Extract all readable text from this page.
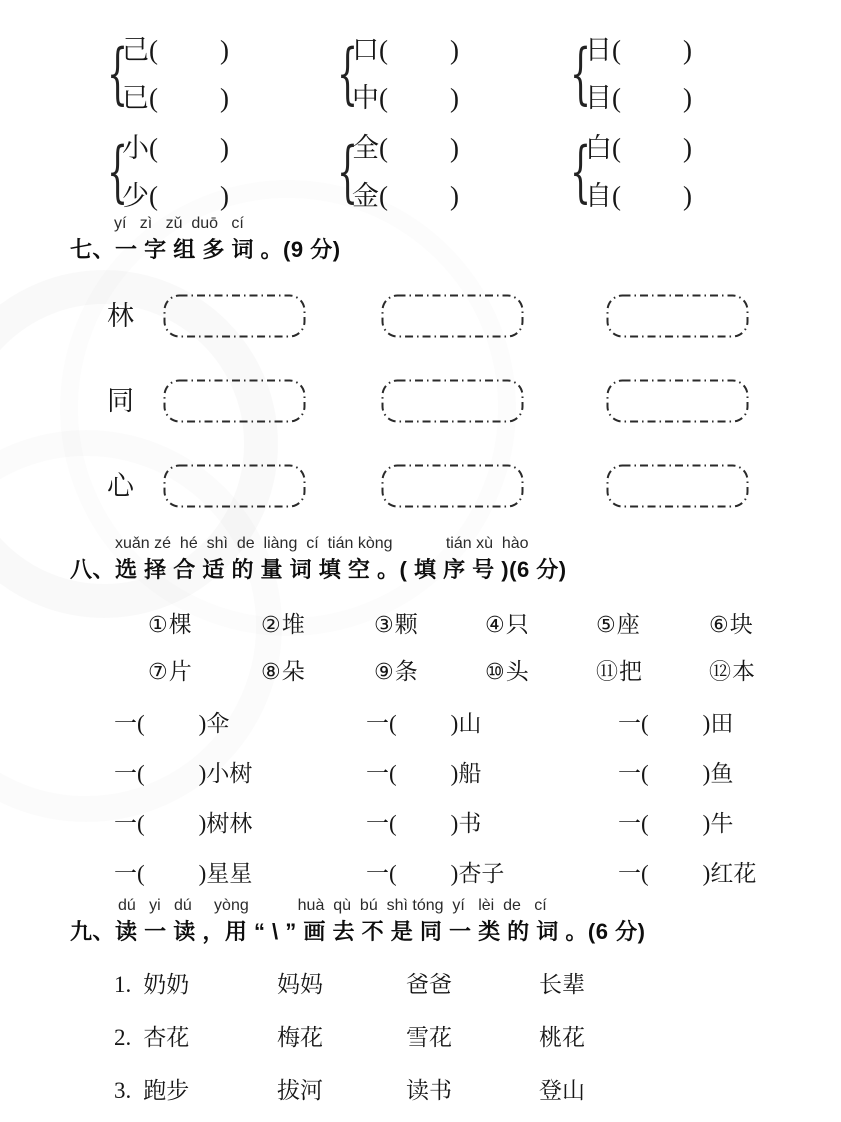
{
己 ( )
已 ( ) {
口 ( )
中 ( ) {
日 ( )
目 ( )
{
小 ( )
少 ( ) {
全 ( )
金 ( ) {
白 ( )
自 ( )
yí   zì   zǔ  duō   cí
七、一 字 组 多 词 。(9 分)
林
同
心
xuǎn zé  hé  shì  de  liàng  cí  tián kòng            tián xù  hào
八、选 择 合 适 的 量 词 填 空 。( 填 序 号 )(6 分)
①棵	②堆	③颗	④只	⑤座	⑥块
⑦片	⑧朵	⑨条	⑩头	⑪把	⑫本
一 ( ) 伞	一 ( ) 山	一 ( ) 田
一 ( ) 小树	一 ( ) 船	一 ( ) 鱼
一 ( ) 树林	一 ( ) 书	一 ( ) 牛
一 ( ) 星星	一 ( ) 杏子	一 ( ) 红花
dú   yi   dú     yòng           huà  qù  bú  shì tóng  yí   lèi  de   cí
九、读 一 读 ，用 “ \ ” 画 去 不 是 同 一 类 的 词 。(6 分)
1. 奶奶	妈妈	爸爸	长辈
2. 杏花	梅花	雪花	桃花
3. 跑步	拔河	读书	登山
